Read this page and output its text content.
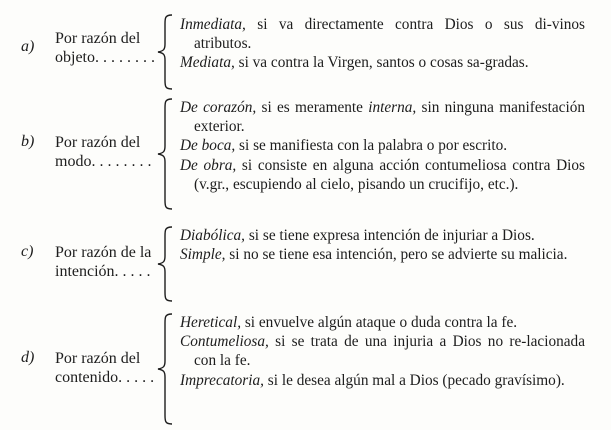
a) Por razón del
objeto. . . . . . . .
Inmediata, si va directamente contra Dios o sus di-vinos atributos.
Mediata, si va contra la Virgen, santos o cosas sa-gradas.
b) Por razón del
modo. . . . . . . .
De corazón, si es meramente interna, sin ninguna manifestación exterior.
De boca, si se manifiesta con la palabra o por escrito.
De obra, si consiste en alguna acción contumeliosa contra Dios (v.gr., escupiendo al cielo, pisando un crucifijo, etc.).
c) Por razón de la
intención. . . . .
Diabólica, si se tiene expresa intención de injuriar a Dios.
Simple, si no se tiene esa intención, pero se advierte su malicia.
d) Por razón del
contenido. . . . .
Heretical, si envuelve algún ataque o duda contra la fe.
Contumeliosa, si se trata de una injuria a Dios no re-lacionada con la fe.
Imprecatoria, si le desea algún mal a Dios (pecado gravísimo).
